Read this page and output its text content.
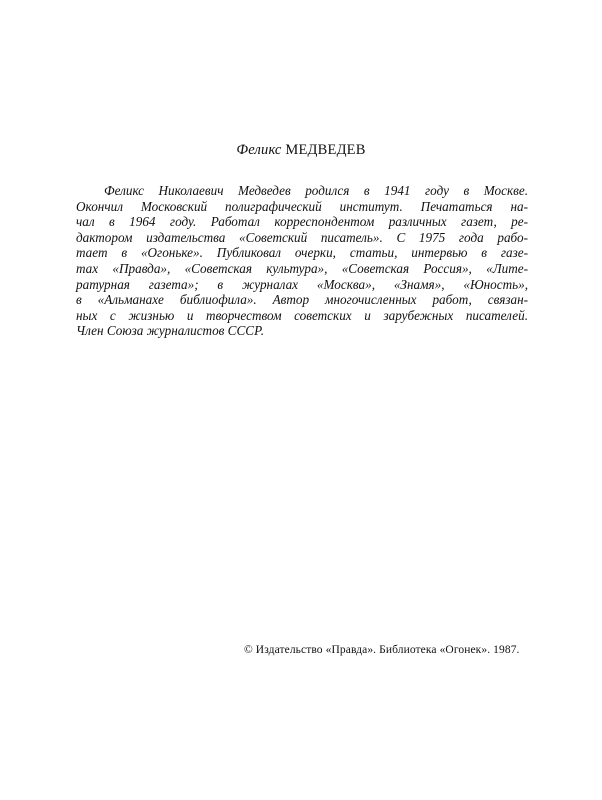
Феликс МЕДВЕДЕВ
Феликс Николаевич Медведев родился в 1941 году в Москве.
Окончил Московский полиграфический институт. Печататься на-
чал в 1964 году. Работал корреспондентом различных газет, ре-
дактором издательства «Советский писатель». С 1975 года рабо-
тает в «Огоньке». Публиковал очерки, статьи, интервью в газе-
тах «Правда», «Советская культура», «Советская Россия», «Лите-
ратурная газета»; в журналах «Москва», «Знамя», «Юность»,
в «Альманахе библиофила». Автор многочисленных работ, связан-
ных с жизнью и творчеством советских и зарубежных писателей.
Член Союза журналистов СССР.
© Издательство «Правда». Библиотека «Огонек». 1987.
